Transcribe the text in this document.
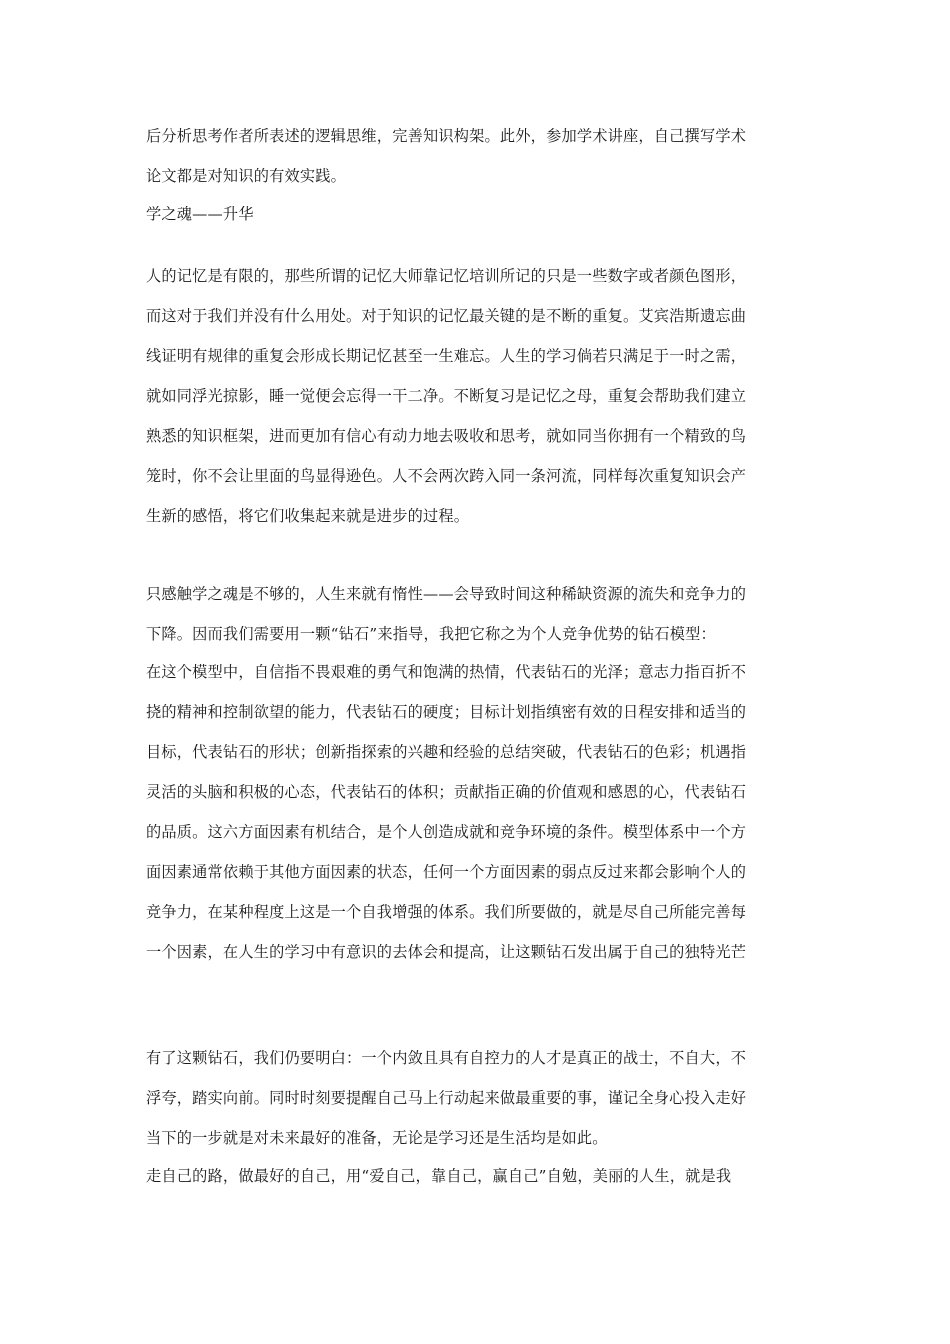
后分析思考作者所表述的逻辑思维，完善知识构架。此外，参加学术讲座，自己撰写学术
论文都是对知识的有效实践。
学之魂——升华
人的记忆是有限的，那些所谓的记忆大师靠记忆培训所记的只是一些数字或者颜色图形，
而这对于我们并没有什么用处。对于知识的记忆最关键的是不断的重复。艾宾浩斯遗忘曲
线证明有规律的重复会形成长期记忆甚至一生难忘。人生的学习倘若只满足于一时之需，
就如同浮光掠影，睡一觉便会忘得一干二净。不断复习是记忆之母，重复会帮助我们建立
熟悉的知识框架，进而更加有信心有动力地去吸收和思考，就如同当你拥有一个精致的鸟
笼时，你不会让里面的鸟显得逊色。人不会两次跨入同一条河流，同样每次重复知识会产
生新的感悟，将它们收集起来就是进步的过程。
只感触学之魂是不够的，人生来就有惰性——会导致时间这种稀缺资源的流失和竞争力的
下降。因而我们需要用一颗“钻石”来指导，我把它称之为个人竞争优势的钻石模型：
在这个模型中，自信指不畏艰难的勇气和饱满的热情，代表钻石的光泽；意志力指百折不
挠的精神和控制欲望的能力，代表钻石的硬度；目标计划指缜密有效的日程安排和适当的
目标，代表钻石的形状；创新指探索的兴趣和经验的总结突破，代表钻石的色彩；机遇指
灵活的头脑和积极的心态，代表钻石的体积；贡献指正确的价值观和感恩的心，代表钻石
的品质。这六方面因素有机结合，是个人创造成就和竞争环境的条件。模型体系中一个方
面因素通常依赖于其他方面因素的状态，任何一个方面因素的弱点反过来都会影响个人的
竞争力，在某种程度上这是一个自我增强的体系。我们所要做的，就是尽自己所能完善每
一个因素，在人生的学习中有意识的去体会和提高，让这颗钻石发出属于自己的独特光芒
有了这颗钻石，我们仍要明白：一个内敛且具有自控力的人才是真正的战士，不自大，不
浮夸，踏实向前。同时时刻要提醒自己马上行动起来做最重要的事，谨记全身心投入走好
当下的一步就是对未来最好的准备，无论是学习还是生活均是如此。
走自己的路，做最好的自己，用“爱自己，靠自己，赢自己”自勉，美丽的人生，就是我
